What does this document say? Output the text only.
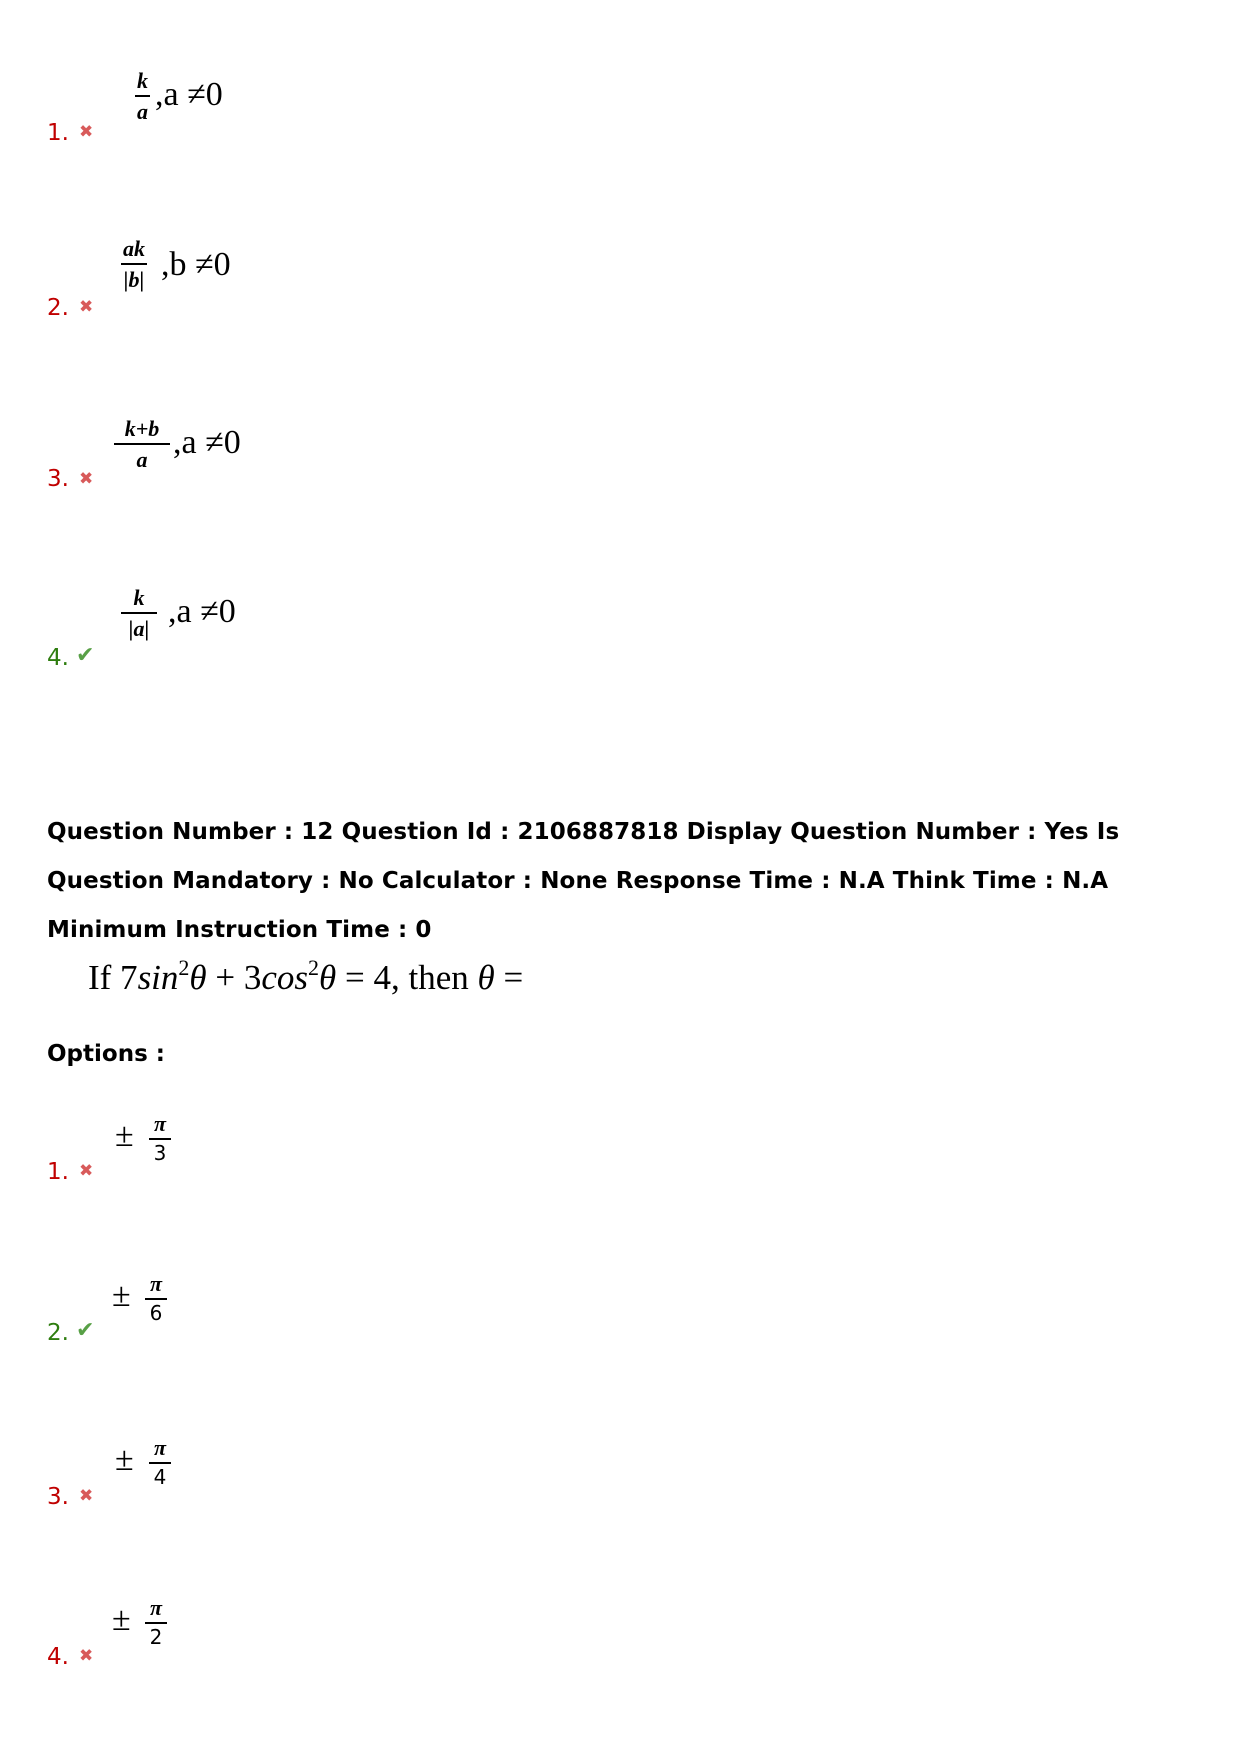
k
a ,a ≠0
1. ✖
ak
|b| ,b ≠0
2. ✖
k+b
a ,a ≠0
3. ✖
k
|a| ,a ≠0
4. ✔
Question Number : 12 Question Id : 2106887818 Display Question Number : Yes Is Question Mandatory : No Calculator : None Response Time : N.A Think Time : N.A Minimum Instruction Time : 0
If $7\sin^2\theta + 3\cos^2\theta = 4$, then θ =
Options :
± π
3
1. ✖
± π
6
2. ✔
± π
4
3. ✖
± π
2
4. ✖
